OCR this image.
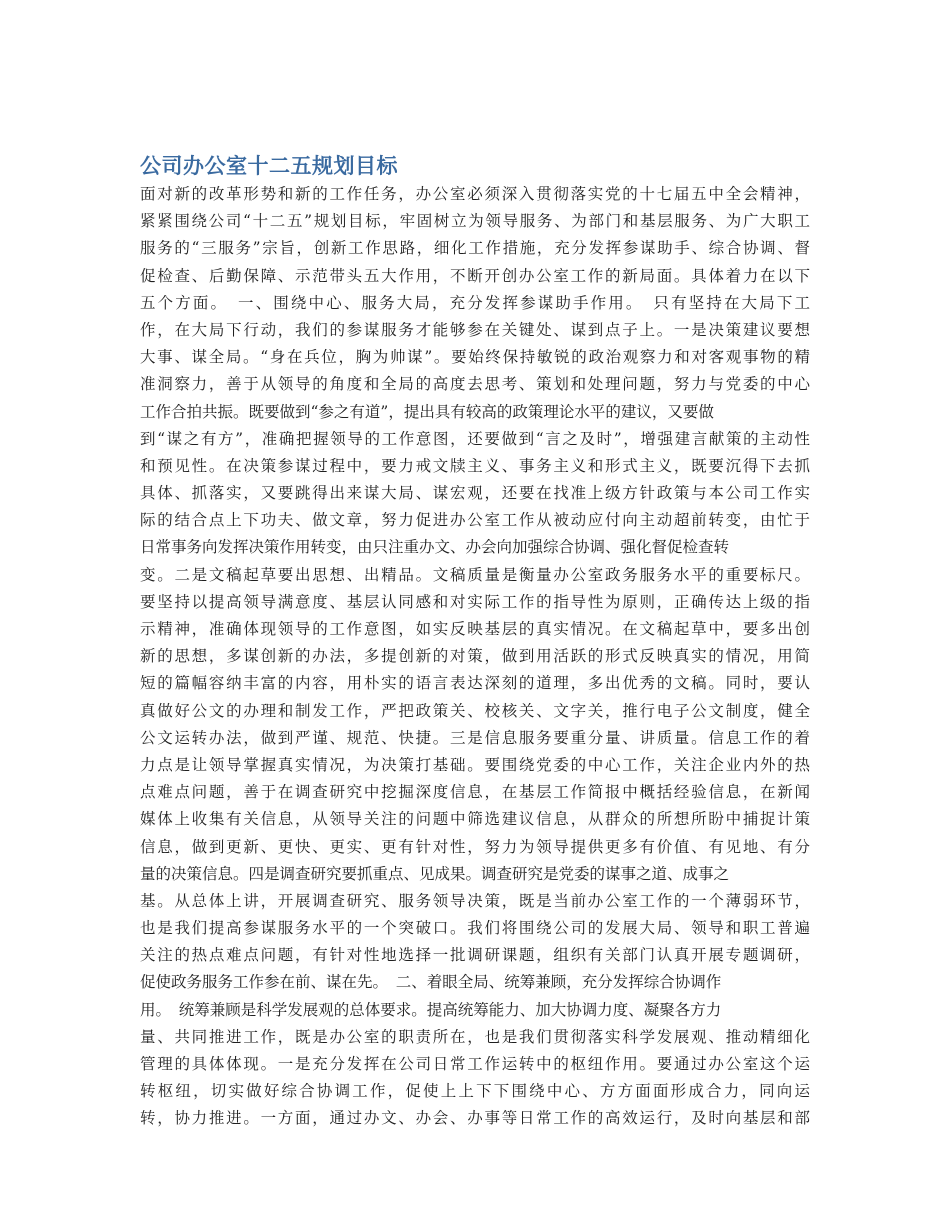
公司办公室十二五规划目标
面对新的改革形势和新的工作任务，办公室必须深入贯彻落实党的十七届五中全会精神，
紧紧围绕公司“十二五”规划目标，牢固树立为领导服务、为部门和基层服务、为广大职工
服务的“三服务”宗旨，创新工作思路，细化工作措施，充分发挥参谋助手、综合协调、督
促检查、后勤保障、示范带头五大作用，不断开创办公室工作的新局面。具体着力在以下
五个方面。　一、围绕中心、服务大局，充分发挥参谋助手作用。　只有坚持在大局下工
作，在大局下行动，我们的参谋服务才能够参在关键处、谋到点子上。一是决策建议要想
大事、谋全局。“身在兵位，胸为帅谋”。要始终保持敏锐的政治观察力和对客观事物的精
准洞察力，善于从领导的角度和全局的高度去思考、策划和处理问题，努力与党委的中心
工作合拍共振。既要做到“参之有道”，提出具有较高的政策理论水平的建议，又要做
到“谋之有方”，准确把握领导的工作意图，还要做到“言之及时”，增强建言献策的主动性
和预见性。在决策参谋过程中，要力戒文牍主义、事务主义和形式主义，既要沉得下去抓
具体、抓落实，又要跳得出来谋大局、谋宏观，还要在找准上级方针政策与本公司工作实
际的结合点上下功夫、做文章，努力促进办公室工作从被动应付向主动超前转变，由忙于
日常事务向发挥决策作用转变，由只注重办文、办会向加强综合协调、强化督促检查转
变。二是文稿起草要出思想、出精品。文稿质量是衡量办公室政务服务水平的重要标尺。
要坚持以提高领导满意度、基层认同感和对实际工作的指导性为原则，正确传达上级的指
示精神，准确体现领导的工作意图，如实反映基层的真实情况。在文稿起草中，要多出创
新的思想，多谋创新的办法，多提创新的对策，做到用活跃的形式反映真实的情况，用简
短的篇幅容纳丰富的内容，用朴实的语言表达深刻的道理，多出优秀的文稿。同时，要认
真做好公文的办理和制发工作，严把政策关、校核关、文字关，推行电子公文制度，健全
公文运转办法，做到严谨、规范、快捷。三是信息服务要重分量、讲质量。信息工作的着
力点是让领导掌握真实情况，为决策打基础。要围绕党委的中心工作，关注企业内外的热
点难点问题，善于在调查研究中挖掘深度信息，在基层工作简报中概括经验信息，在新闻
媒体上收集有关信息，从领导关注的问题中筛选建议信息，从群众的所想所盼中捕捉计策
信息，做到更新、更快、更实、更有针对性，努力为领导提供更多有价值、有见地、有分
量的决策信息。四是调查研究要抓重点、见成果。调查研究是党委的谋事之道、成事之
基。从总体上讲，开展调查研究、服务领导决策，既是当前办公室工作的一个薄弱环节，
也是我们提高参谋服务水平的一个突破口。我们将围绕公司的发展大局、领导和职工普遍
关注的热点难点问题，有针对性地选择一批调研课题，组织有关部门认真开展专题调研，
促使政务服务工作参在前、谋在先。　二、着眼全局、统筹兼顾，充分发挥综合协调作
用。　统筹兼顾是科学发展观的总体要求。提高统筹能力、加大协调力度、凝聚各方力
量、共同推进工作，既是办公室的职责所在，也是我们贯彻落实科学发展观、推动精细化
管理的具体体现。一是充分发挥在公司日常工作运转中的枢纽作用。要通过办公室这个运
转枢纽，切实做好综合协调工作，促使上上下下围绕中心、方方面面形成合力，同向运
转，协力推进。一方面，通过办文、办会、办事等日常工作的高效运行，及时向基层和部
